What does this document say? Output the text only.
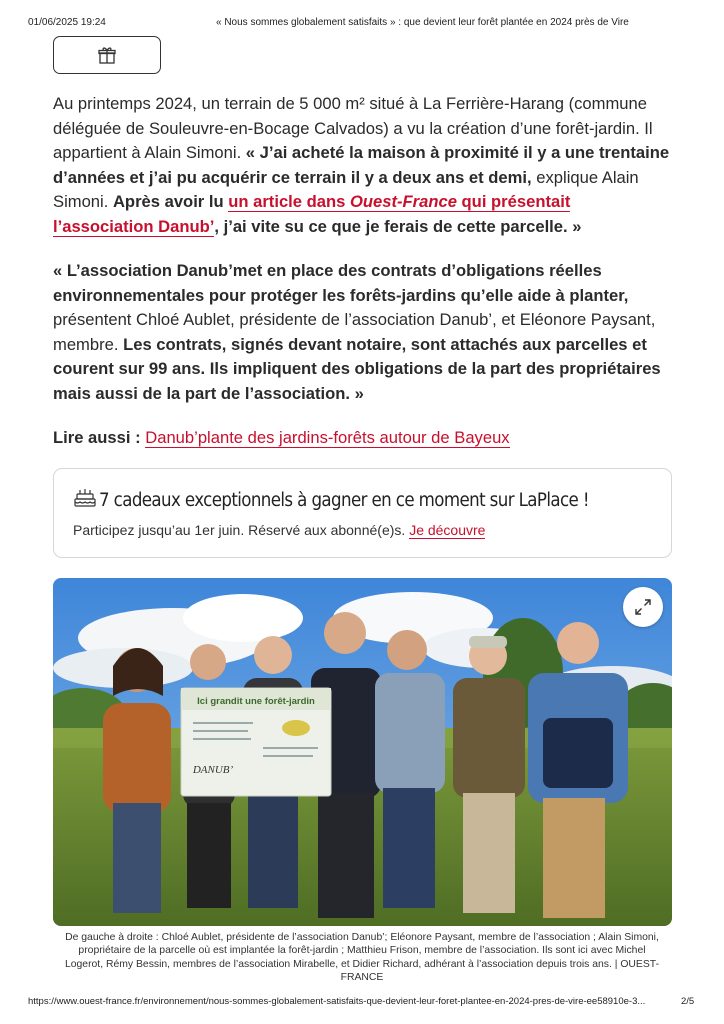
01/06/2025 19:24	« Nous sommes globalement satisfaits » : que devient leur forêt plantée en 2024 près de Vire

Au printemps 2024, un terrain de 5 000 m² situé à La Ferrière-Harang (commune déléguée de Souleuvre-en-Bocage Calvados) a vu la création d’une forêt-jardin. Il appartient à Alain Simoni. « J’ai acheté la maison à proximité il y a une trentaine d’années et j’ai pu acquérir ce terrain il y a deux ans et demi, explique Alain Simoni. Après avoir lu un article dans Ouest-France qui présentait l’association Danub’, j’ai vite su ce que je ferais de cette parcelle. »

« L’association Danub’met en place des contrats d’obligations réelles environnementales pour protéger les forêts-jardins qu’elle aide à planter, présentent Chloé Aublet, présidente de l’association Danub’, et Eléonore Paysant, membre. Les contrats, signés devant notaire, sont attachés aux parcelles et courent sur 99 ans. Ils impliquent des obligations de la part des propriétaires mais aussi de la part de l’association. »

Lire aussi : Danub’plante des jardins-forêts autour de Bayeux

7 cadeaux exceptionnels à gagner en ce moment sur LaPlace !
Participez jusqu’au 1er juin. Réservé aux abonné(e)s. Je découvre
Ici grandit une forêt-jardin
DANUB’
De gauche à droite : Chloé Aublet, présidente de l’association Danub’; Eléonore Paysant, membre de l’association ; Alain Simoni, propriétaire de la parcelle où est implantée la forêt-jardin ; Matthieu Frison, membre de l’association. Ils sont ici avec Michel Logerot, Rémy Bessin, membres de l’association Mirabelle, et Didier Richard, adhérant à l’association depuis trois ans. | OUEST-FRANCE
https://www.ouest-france.fr/environnement/nous-sommes-globalement-satisfaits-que-devient-leur-foret-plantee-en-2024-pres-de-vire-ee58910e-3...	2/5
